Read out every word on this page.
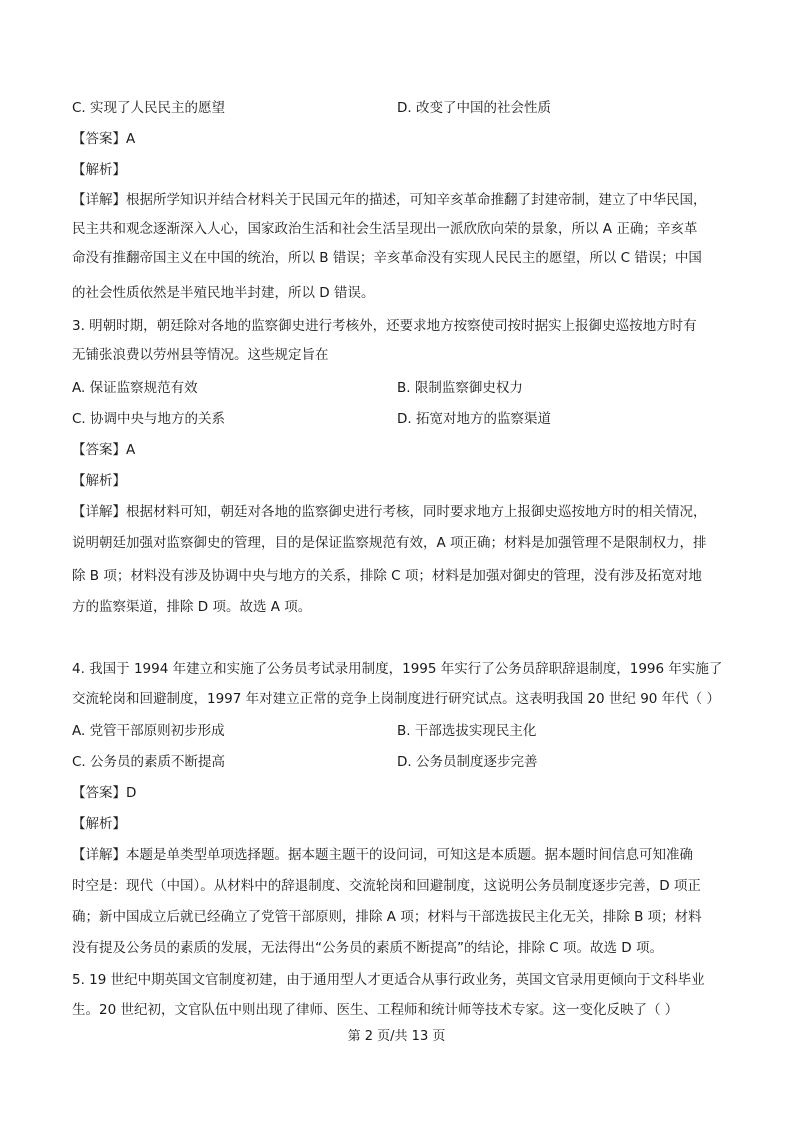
C. 实现了人民民主的愿望	D. 改变了中国的社会性质
【答案】A
【解析】
【详解】根据所学知识并结合材料关于民国元年的描述，可知辛亥革命推翻了封建帝制，建立了中华民国，
民主共和观念逐渐深入人心，国家政治生活和社会生活呈现出一派欣欣向荣的景象，所以 A 正确；辛亥革
命没有推翻帝国主义在中国的统治，所以 B 错误；辛亥革命没有实现人民民主的愿望，所以 C 错误；中国
的社会性质依然是半殖民地半封建，所以 D 错误。
3. 明朝时期，朝廷除对各地的监察御史进行考核外，还要求地方按察使司按时据实上报御史巡按地方时有
无铺张浪费以劳州县等情况。这些规定旨在
A. 保证监察规范有效	B. 限制监察御史权力
C. 协调中央与地方的关系	D. 拓宽对地方的监察渠道
【答案】A
【解析】
【详解】根据材料可知，朝廷对各地的监察御史进行考核，同时要求地方上报御史巡按地方时的相关情况，
说明朝廷加强对监察御史的管理，目的是保证监察规范有效，A 项正确；材料是加强管理不是限制权力，排
除 B 项；材料没有涉及协调中央与地方的关系，排除 C 项；材料是加强对御史的管理，没有涉及拓宽对地
方的监察渠道，排除 D 项。故选 A 项。
4. 我国于 1994 年建立和实施了公务员考试录用制度，1995 年实行了公务员辞职辞退制度，1996 年实施了
交流轮岗和回避制度，1997 年对建立正常的竞争上岗制度进行研究试点。这表明我国 20 世纪 90 年代（ ）
A. 党管干部原则初步形成	B. 干部选拔实现民主化
C. 公务员的素质不断提高	D. 公务员制度逐步完善
【答案】D
【解析】
【详解】本题是单类型单项选择题。据本题主题干的设问词，可知这是本质题。据本题时间信息可知准确
时空是：现代（中国）。从材料中的辞退制度、交流轮岗和回避制度，这说明公务员制度逐步完善，D 项正
确；新中国成立后就已经确立了党管干部原则，排除 A 项；材料与干部选拔民主化无关，排除 B 项；材料
没有提及公务员的素质的发展，无法得出“公务员的素质不断提高”的结论，排除 C 项。故选 D 项。
5. 19 世纪中期英国文官制度初建，由于通用型人才更适合从事行政业务，英国文官录用更倾向于文科毕业
生。20 世纪初，文官队伍中则出现了律师、医生、工程师和统计师等技术专家。这一变化反映了（ ）
第 2 页/共 13 页
